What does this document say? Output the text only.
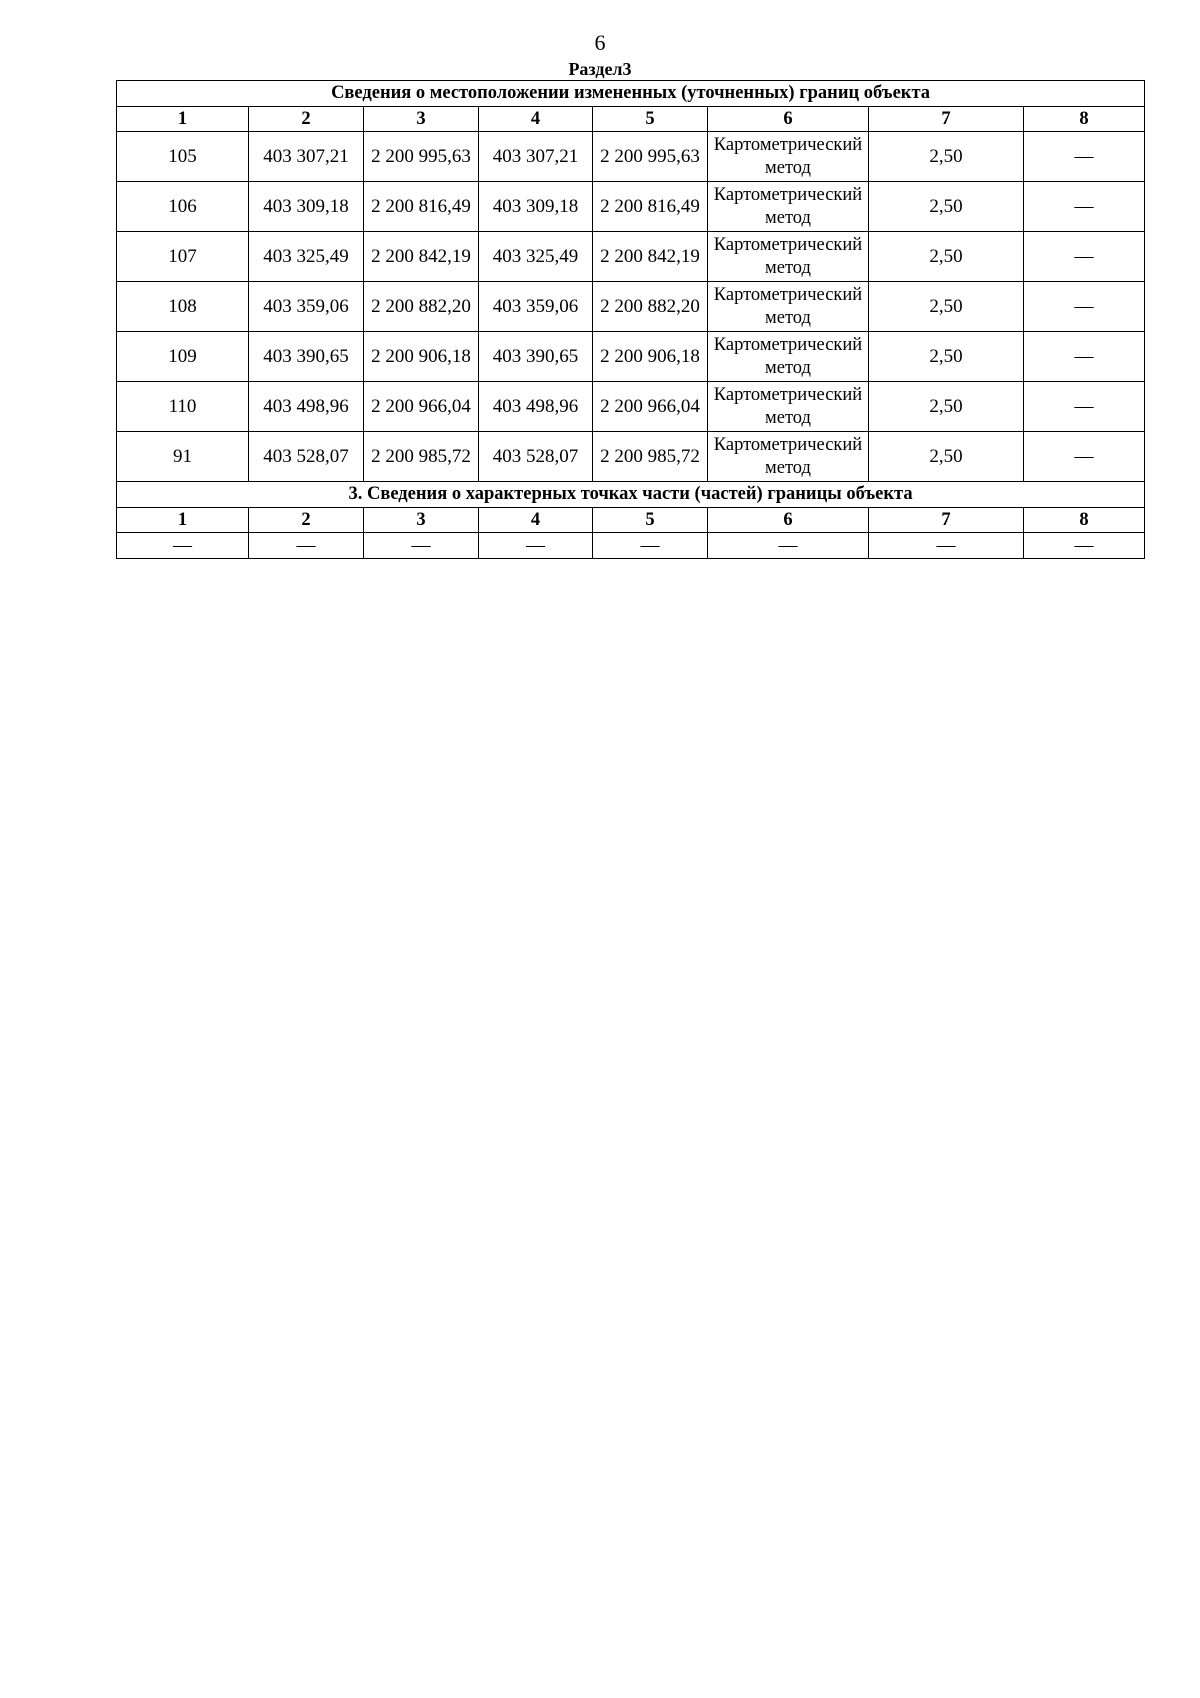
6
Раздел3
Сведения о местоположении измененных (уточненных) границ объекта							
1	2	3	4	5	6	7	8
105	403 307,21	2 200 995,63	403 307,21	2 200 995,63	Картометрический метод	2,50	—
106	403 309,18	2 200 816,49	403 309,18	2 200 816,49	Картометрический метод	2,50	—
107	403 325,49	2 200 842,19	403 325,49	2 200 842,19	Картометрический метод	2,50	—
108	403 359,06	2 200 882,20	403 359,06	2 200 882,20	Картометрический метод	2,50	—
109	403 390,65	2 200 906,18	403 390,65	2 200 906,18	Картометрический метод	2,50	—
110	403 498,96	2 200 966,04	403 498,96	2 200 966,04	Картометрический метод	2,50	—
91	403 528,07	2 200 985,72	403 528,07	2 200 985,72	Картометрический метод	2,50	—
3. Сведения о характерных точках части (частей) границы объекта							
1	2	3	4	5	6	7	8
—	—	—	—	—	—	—	—
